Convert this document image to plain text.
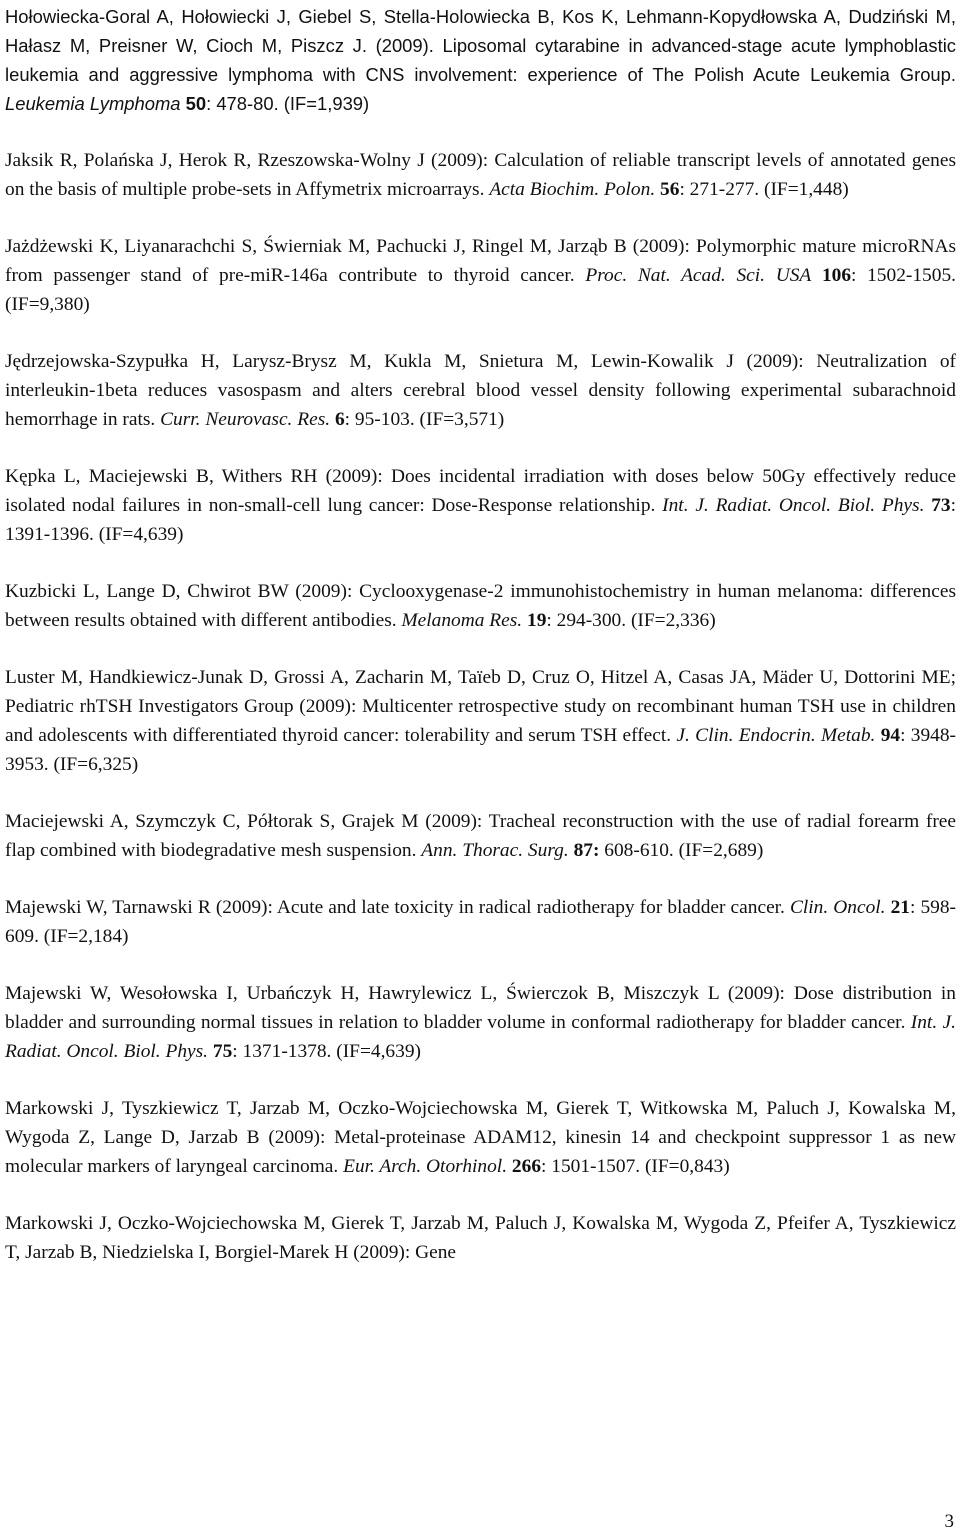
Hołowiecka-Goral A, Hołowiecki J, Giebel S, Stella-Holowiecka B, Kos K, Lehmann-Kopydłowska A, Dudziński M, Hałasz M, Preisner W, Cioch M, Piszcz J. (2009). Liposomal cytarabine in advanced-stage acute lymphoblastic leukemia and aggressive lymphoma with CNS involvement: experience of The Polish Acute Leukemia Group. Leukemia Lymphoma 50: 478-80. (IF=1,939)

Jaksik R, Polańska J, Herok R, Rzeszowska-Wolny J (2009): Calculation of reliable transcript levels of annotated genes on the basis of multiple probe-sets in Affymetrix microarrays. Acta Biochim. Polon. 56: 271-277. (IF=1,448)

Jażdżewski K, Liyanarachchi S, Świerniak M, Pachucki J, Ringel M, Jarząb B (2009): Polymorphic mature microRNAs from passenger stand of pre-miR-146a contribute to thyroid cancer. Proc. Nat. Acad. Sci. USA 106: 1502-1505. (IF=9,380)

Jędrzejowska-Szypułka H, Larysz-Brysz M, Kukla M, Snietura M, Lewin-Kowalik J (2009): Neutralization of interleukin-1beta reduces vasospasm and alters cerebral blood vessel density following experimental subarachnoid hemorrhage in rats. Curr. Neurovasc. Res. 6: 95-103. (IF=3,571)

Kępka L, Maciejewski B, Withers RH (2009): Does incidental irradiation with doses below 50Gy effectively reduce isolated nodal failures in non-small-cell lung cancer: Dose-Response relationship. Int. J. Radiat. Oncol. Biol. Phys. 73: 1391-1396. (IF=4,639)

Kuzbicki L, Lange D, Chwirot BW (2009): Cyclooxygenase-2 immunohistochemistry in human melanoma: differences between results obtained with different antibodies. Melanoma Res. 19: 294-300. (IF=2,336)

Luster M, Handkiewicz-Junak D, Grossi A, Zacharin M, Taïeb D, Cruz O, Hitzel A, Casas JA, Mäder U, Dottorini ME; Pediatric rhTSH Investigators Group (2009): Multicenter retrospective study on recombinant human TSH use in children and adolescents with differentiated thyroid cancer: tolerability and serum TSH effect. J. Clin. Endocrin. Metab. 94: 3948-3953. (IF=6,325)

Maciejewski A, Szymczyk C, Półtorak S, Grajek M (2009): Tracheal reconstruction with the use of radial forearm free flap combined with biodegradative mesh suspension. Ann. Thorac. Surg. 87: 608-610. (IF=2,689)

Majewski W, Tarnawski R (2009): Acute and late toxicity in radical radiotherapy for bladder cancer. Clin. Oncol. 21: 598-609. (IF=2,184)

Majewski W, Wesołowska I, Urbańczyk H, Hawrylewicz L, Świerczok B, Miszczyk L (2009): Dose distribution in bladder and surrounding normal tissues in relation to bladder volume in conformal radiotherapy for bladder cancer. Int. J. Radiat. Oncol. Biol. Phys. 75: 1371-1378. (IF=4,639)

Markowski J, Tyszkiewicz T, Jarzab M, Oczko-Wojciechowska M, Gierek T, Witkowska M, Paluch J, Kowalska M, Wygoda Z, Lange D, Jarzab B (2009): Metal-proteinase ADAM12, kinesin 14 and checkpoint suppressor 1 as new molecular markers of laryngeal carcinoma. Eur. Arch. Otorhinol. 266: 1501-1507. (IF=0,843)

Markowski J, Oczko-Wojciechowska M, Gierek T, Jarzab M, Paluch J, Kowalska M, Wygoda Z, Pfeifer A, Tyszkiewicz T, Jarzab B, Niedzielska I, Borgiel-Marek H (2009): Gene

3
